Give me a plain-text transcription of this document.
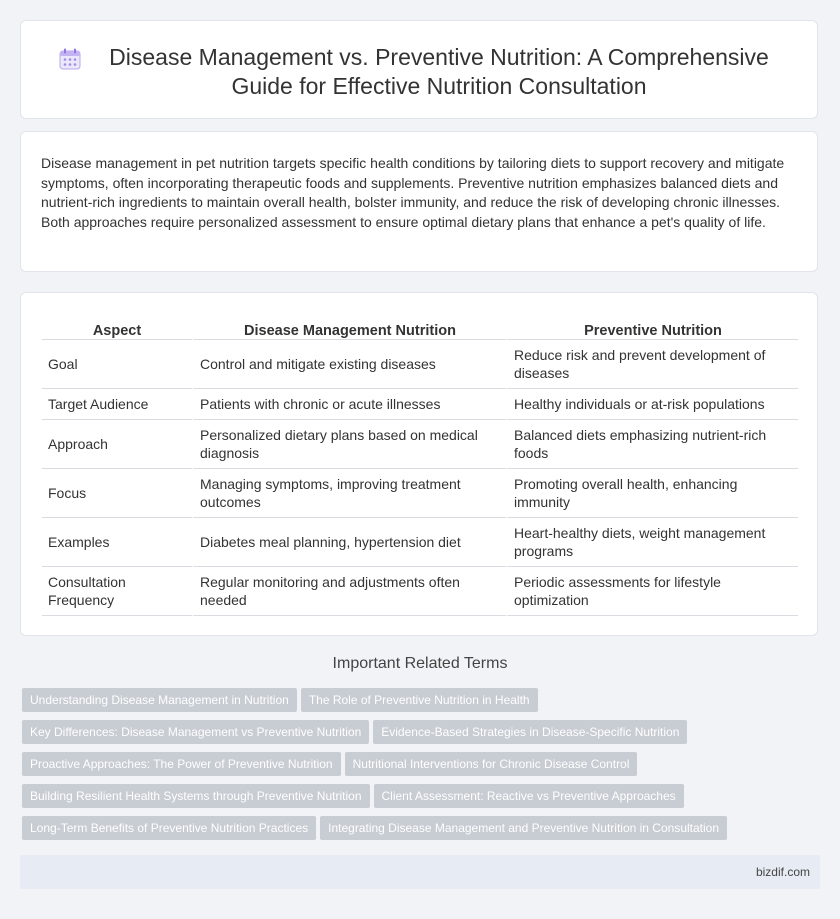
Disease Management vs. Preventive Nutrition: A Comprehensive Guide for Effective Nutrition Consultation

Disease management in pet nutrition targets specific health conditions by tailoring diets to support recovery and mitigate symptoms, often incorporating therapeutic foods and supplements. Preventive nutrition emphasizes balanced diets and nutrient-rich ingredients to maintain overall health, bolster immunity, and reduce the risk of developing chronic illnesses. Both approaches require personalized assessment to ensure optimal dietary plans that enhance a pet's quality of life.

Aspect	Disease Management Nutrition	Preventive Nutrition
Goal	Control and mitigate existing diseases	Reduce risk and prevent development of diseases
Target Audience	Patients with chronic or acute illnesses	Healthy individuals or at-risk populations
Approach	Personalized dietary plans based on medical diagnosis	Balanced diets emphasizing nutrient-rich foods
Focus	Managing symptoms, improving treatment outcomes	Promoting overall health, enhancing immunity
Examples	Diabetes meal planning, hypertension diet	Heart-healthy diets, weight management programs
Consultation Frequency	Regular monitoring and adjustments often needed	Periodic assessments for lifestyle optimization
Important Related Terms
Understanding Disease Management in Nutrition The Role of Preventive Nutrition in Health
Key Differences: Disease Management vs Preventive Nutrition Evidence-Based Strategies in Disease-Specific Nutrition
Proactive Approaches: The Power of Preventive Nutrition Nutritional Interventions for Chronic Disease Control
Building Resilient Health Systems through Preventive Nutrition Client Assessment: Reactive vs Preventive Approaches
Long-Term Benefits of Preventive Nutrition Practices Integrating Disease Management and Preventive Nutrition in Consultation
bizdif.com
